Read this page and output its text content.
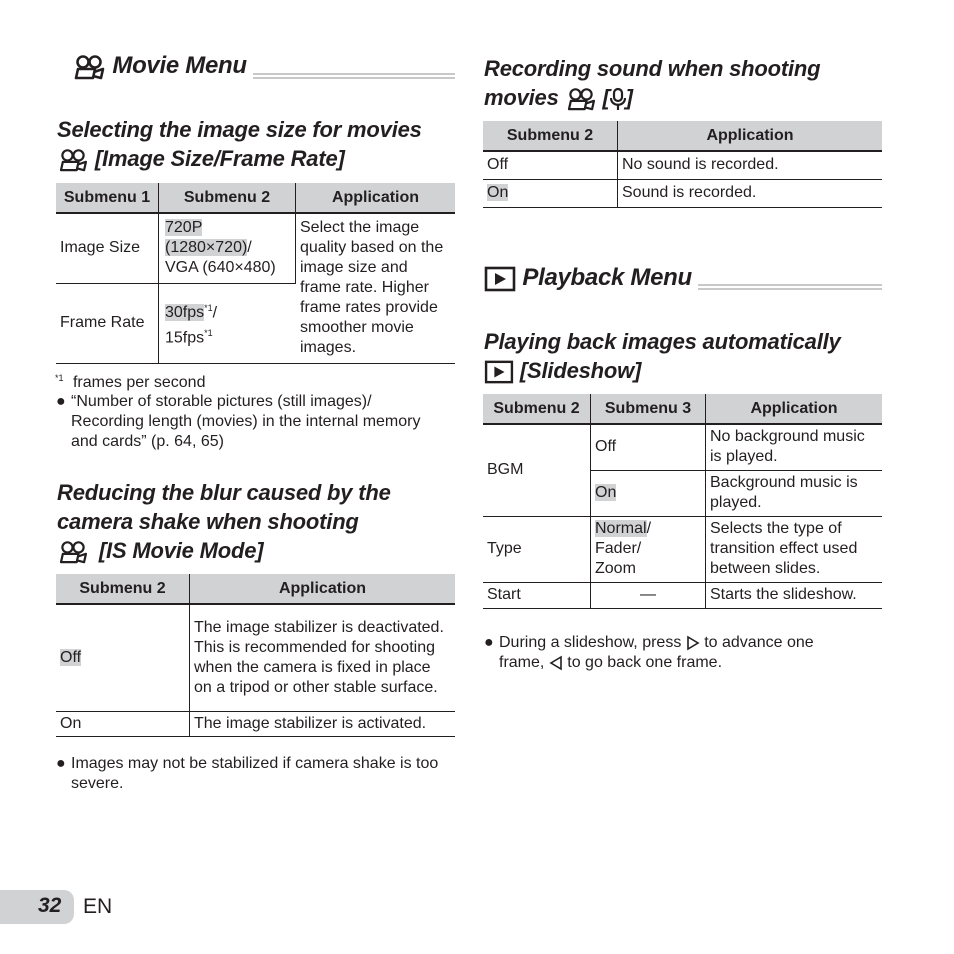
Movie Menu
Selecting the image size for movies
[Image Size/Frame Rate]
Submenu 1	Submenu 2	Application
Image Size	720P
(1280×720)/
VGA (640×480)	Select the image quality based on the image size and frame rate. Higher frame rates provide smoother movie images.
Frame Rate	30fps$^{*1}$/
15fps$^{*1}$
$^{*1}$ frames per second
● “Number of storable pictures (still images)/ Recording length (movies) in the internal memory and cards” (p. 64, 65)
Reducing the blur caused by the
camera shake when shooting
[IS Movie Mode]
Submenu 2	Application
Off	The image stabilizer is deactivated. This is recommended for shooting when the camera is fixed in place on a tripod or other stable surface.
On	The image stabilizer is activated.
● Images may not be stabilized if camera shake is too severe.
32 EN
Recording sound when shooting
movies [ ]
Submenu 2	Application
Off	No sound is recorded.
On	Sound is recorded.
Playback Menu
Playing back images automatically
[Slideshow]
Submenu 2	Submenu 3	Application
BGM	Off	No background music is played.
	On	Background music is played.
Type	Normal/
Fader/
Zoom	Selects the type of transition effect used between slides.
Start	—	Starts the slideshow.
● During a slideshow, press to advance one
frame, to go back one frame.
